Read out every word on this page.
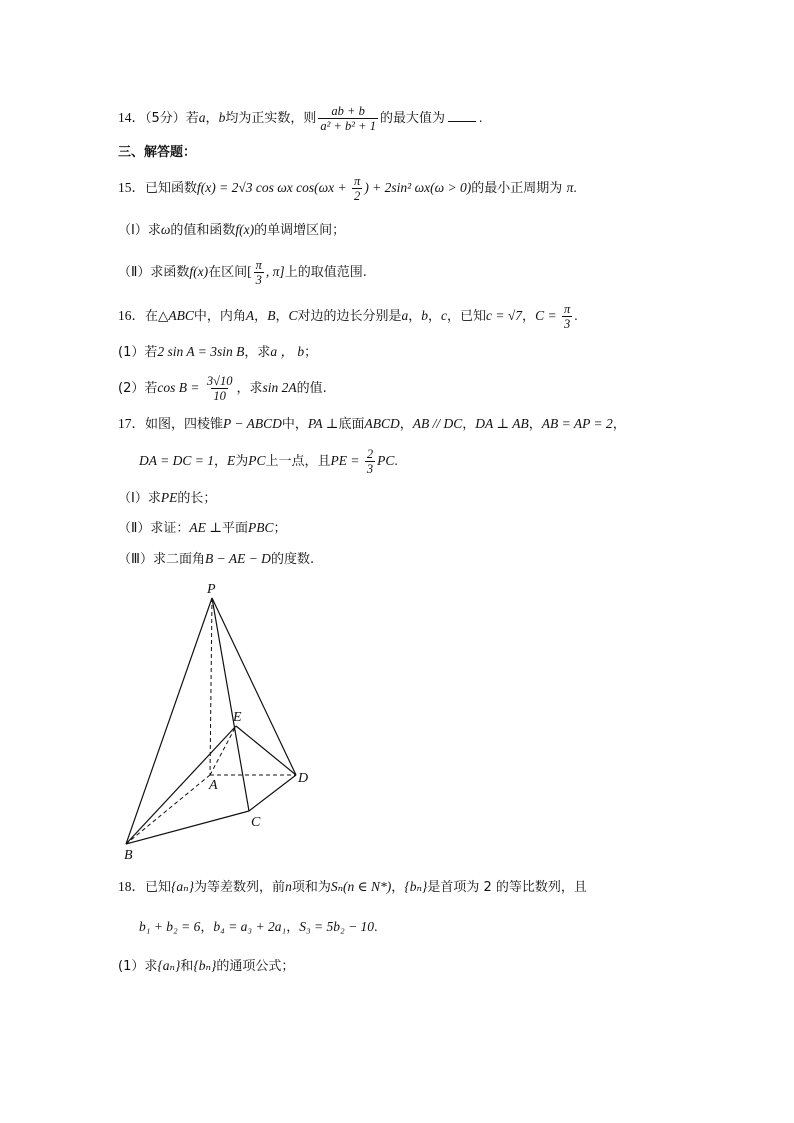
14．（5分）若a，b均为正实数，则 $\frac{ab + b}{\text{a² + b² + 1}}$ 的最大值为	.
三、解答题：
15．已知函数f(x) = 2√3 cos ωx $\cos(\omega x + \frac{\pi}{2}$ ) + 2sin² ωx(ω > 0)的最小正周期为 π.
（Ⅰ）求ω的值和函数f(x)的单调增区间；
（Ⅱ）求函数f(x)在区间[ $\frac{\pi}{3}$ , π]上的取值范围.
16．在△ABC中，内角A，B，C对边的边长分别是a，b，c，已知c = √7，$C = \frac{\pi}{3}$ .
(1）若2 sin A = 3sin B，求a ， b；
(2）若$\cos B = \frac{3√10}{10}$ ，求sin 2A的值.
17．如图，四棱锥P − ABCD中，PA ⊥底面ABCD，AB // DC，DA ⊥ AB，AB = AP = 2，
DA = DC = 1，E为PC上一点，且PE = $\frac{2}{3}$ PC.
（Ⅰ）求PE的长；
（Ⅱ）求证：AE ⊥平面PBC；
（Ⅲ）求二面角B − AE − D的度数.
P
E
A	D
C
B
18．已知{aₙ}为等差数列，前n项和为Sₙ(n ∈ N*)，{bₙ}是首项为 2 的等比数列，且
b₁ + b₂ = 6，b₄ = a₃ + 2a₁，S₃ = 5b₂ − 10.
(1）求{aₙ}和{bₙ}的通项公式；
